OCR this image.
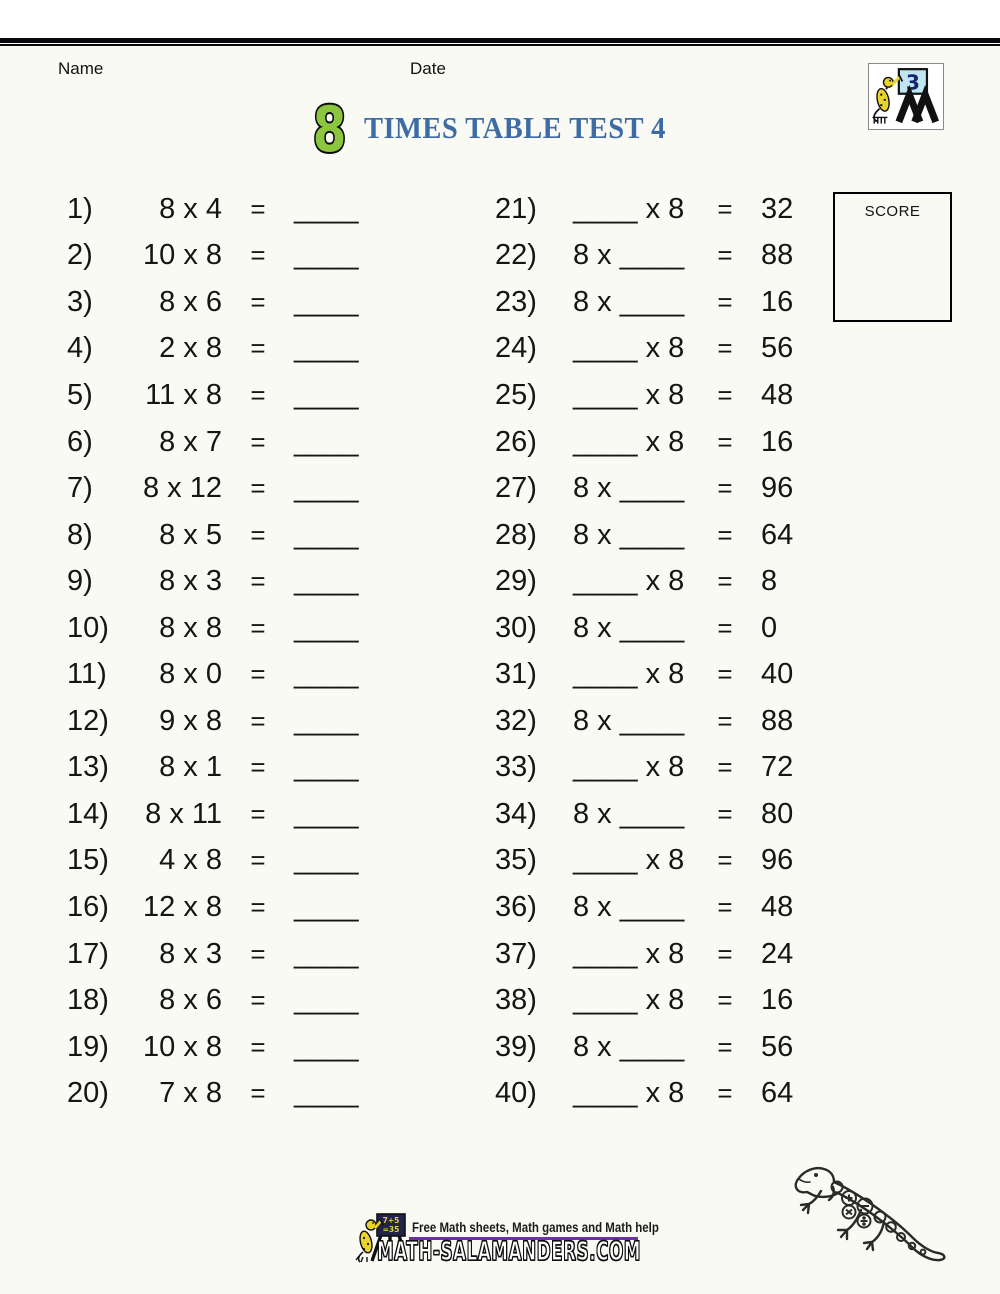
Name	Date
3
8 TIMES TABLE TEST 4
SCORE
1)	8 x 4	= ____
2)	10 x 8	= ____
3)	8 x 6	= ____
4)	2 x 8	= ____
5)	11 x 8	= ____
6)	8 x 7	= ____
7)	8 x 12	= ____
8)	8 x 5	= ____
9)	8 x 3	= ____
10)	8 x 8	= ____
11)	8 x 0	= ____
12)	9 x 8	= ____
13)	8 x 1	= ____
14)	8 x 11	= ____
15)	4 x 8	= ____
16)	12 x 8	= ____
17)	8 x 3	= ____
18)	8 x 6	= ____
19)	10 x 8	= ____
20)	7 x 8	= ____
21)	____ x 8	= 32
22)	8 x ____	= 88
23)	8 x ____	= 16
24)	____ x 8	= 56
25)	____ x 8	= 48
26)	____ x 8	= 16
27)	8 x ____	= 96
28)	8 x ____	= 64
29)	____ x 8	= 8
30)	8 x ____	= 0
31)	____ x 8	= 40
32)	8 x ____	= 88
33)	____ x 8	= 72
34)	8 x ____	= 80
35)	____ x 8	= 96
36)	8 x ____	= 48
37)	____ x 8	= 24
38)	____ x 8	= 16
39)	8 x ____	= 56
40)	____ x 8	= 64
7+5
=35 Free Math sheets, Math games and Math help
MATH-SALAMANDERS.COM
